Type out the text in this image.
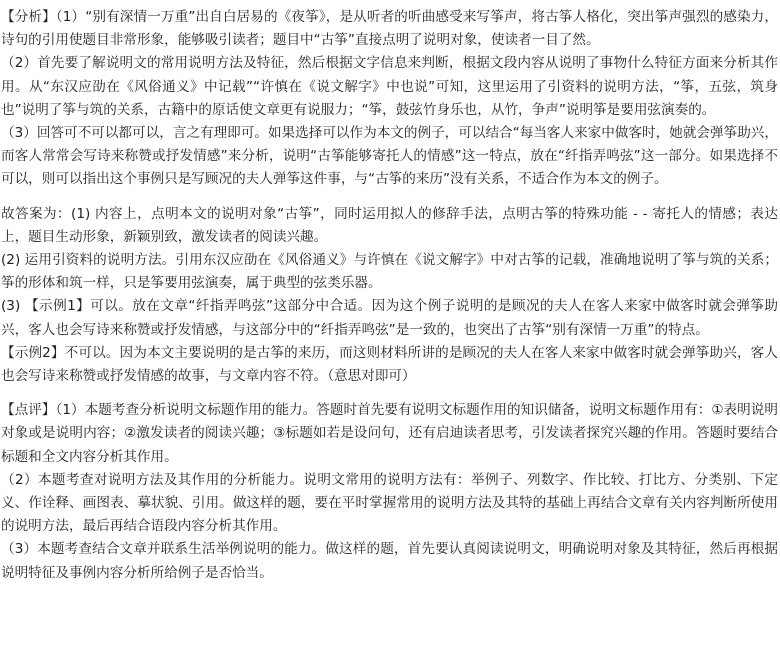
【分析】（1）“别有深情一万重”出自白居易的《夜筝》，是从听者的听曲感受来写筝声，将古筝人格化，突出筝声强烈的感染力，诗句的引用使题目非常形象，能够吸引读者；题目中“古筝”直接点明了说明对象，使读者一目了然。

（2）首先要了解说明文的常用说明方法及特征，然后根据文字信息来判断，根据文段内容从说明了事物什么特征方面来分析其作用。从“东汉应劭在《风俗通义》中记载”“许慎在《说文解字》中也说”可知，这里运用了引资料的说明方法，“筝，五弦，筑身也”说明了筝与筑的关系，古籍中的原话使文章更有说服力；“筝，鼓弦竹身乐也，从竹，争声”说明筝是要用弦演奏的。

（3）回答可不可以都可以，言之有理即可。如果选择可以作为本文的例子，可以结合“每当客人来家中做客时，她就会弹筝助兴，而客人常常会写诗来称赞或抒发情感”来分析，说明“古筝能够寄托人的情感”这一特点，放在“纤指弄鸣弦”这一部分。如果选择不可以，则可以指出这个事例只是写顾况的夫人弹筝这件事，与“古筝的来历”没有关系，不适合作为本文的例子。

故答案为：(1) 内容上，点明本文的说明对象“古筝”，同时运用拟人的修辞手法，点明古筝的特殊功能 - - 寄托人的情感；表达上，题目生动形象，新颖别致，激发读者的阅读兴趣。

(2) 运用引资料的说明方法。引用东汉应劭在《风俗通义》与许慎在《说文解字》中对古筝的记载，准确地说明了筝与筑的关系；筝的形体和筑一样，只是筝要用弦演奏，属于典型的弦类乐器。

(3) 【示例1】可以。放在文章“纤指弄鸣弦”这部分中合适。因为这个例子说明的是顾况的夫人在客人来家中做客时就会弹筝助兴，客人也会写诗来称赞或抒发情感，与这部分中的“纤指弄鸣弦”是一致的，也突出了古筝“别有深情一万重”的特点。

【示例2】不可以。因为本文主要说明的是古筝的来历，而这则材料所讲的是顾况的夫人在客人来家中做客时就会弹筝助兴，客人也会写诗来称赞或抒发情感的故事，与文章内容不符。（意思对即可）

【点评】（1）本题考查分析说明文标题作用的能力。答题时首先要有说明文标题作用的知识储备，说明文标题作用有：①表明说明对象或是说明内容；②激发读者的阅读兴趣；③标题如若是设问句，还有启迪读者思考，引发读者探究兴趣的作用。答题时要结合标题和全文内容分析其作用。

（2）本题考查对说明方法及其作用的分析能力。说明文常用的说明方法有：举例子、列数字、作比较、打比方、分类别、下定义、作诠释、画图表、摹状貌、引用。做这样的题，要在平时掌握常用的说明方法及其特的基础上再结合文章有关内容判断所使用的说明方法，最后再结合语段内容分析其作用。

（3）本题考查结合文章并联系生活举例说明的能力。做这样的题，首先要认真阅读说明文，明确说明对象及其特征，然后再根据说明特征及事例内容分析所给例子是否恰当。
